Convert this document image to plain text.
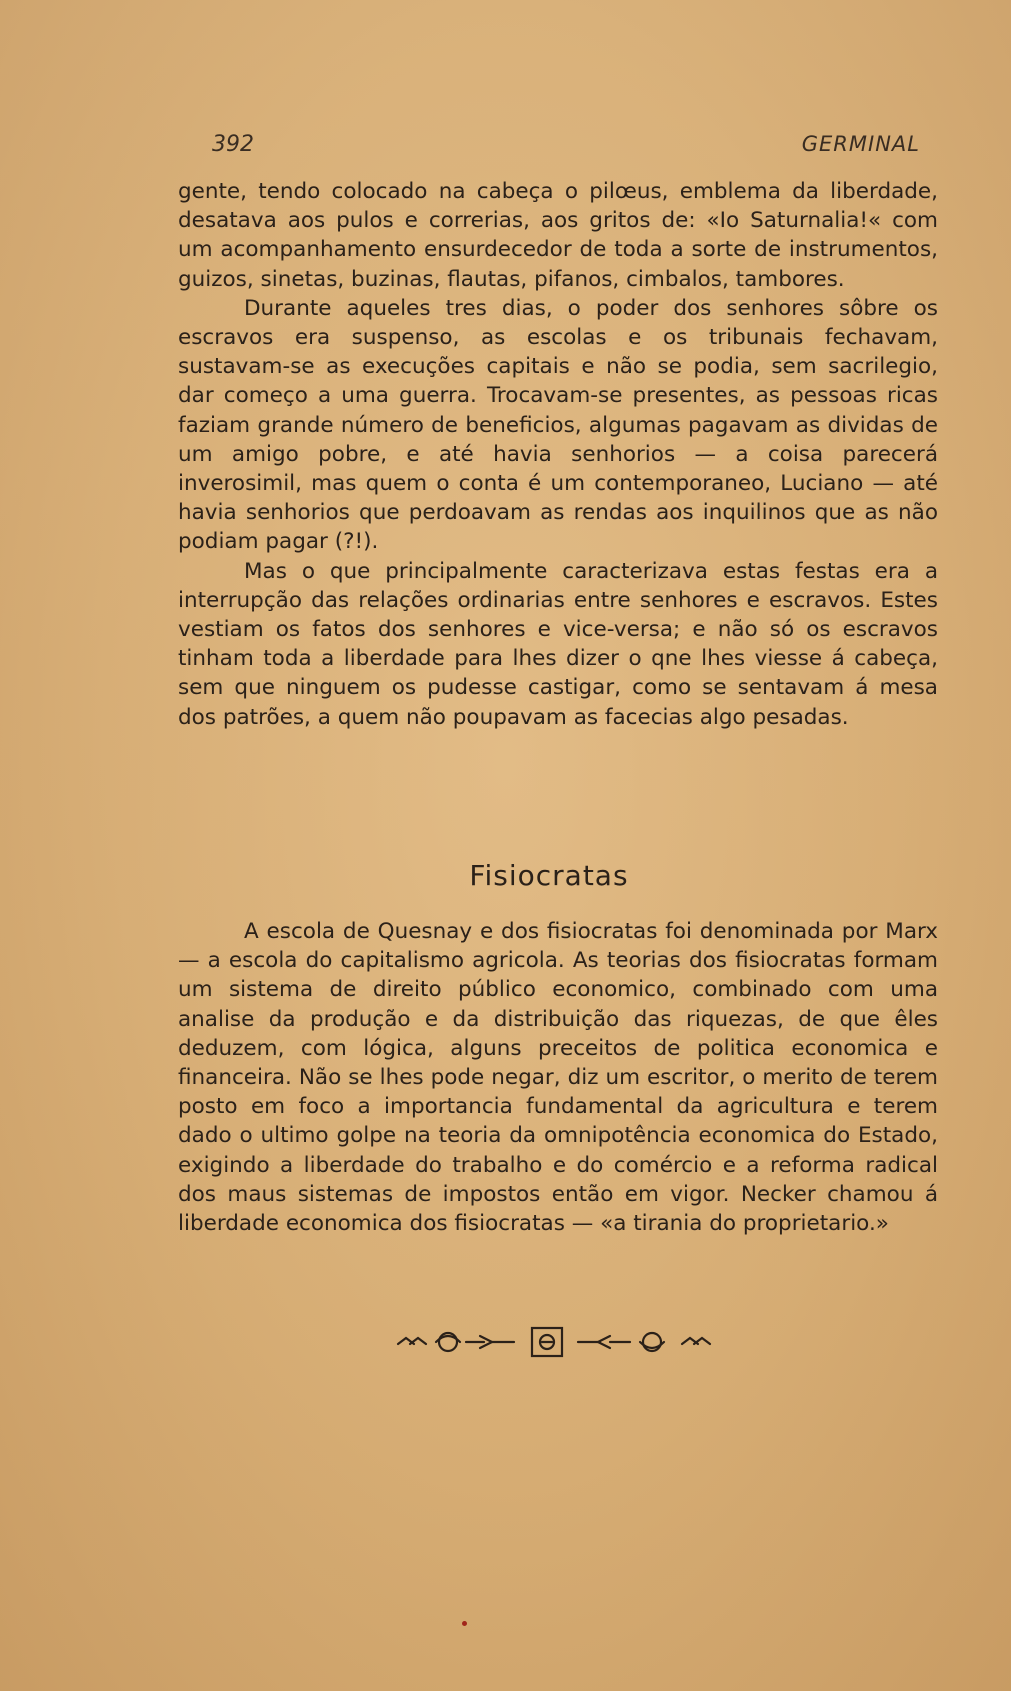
392	GERMINAL

gente, tendo colocado na cabeça o pilœus, emblema da liberdade, desatava aos pulos e correrias, aos gritos de: «Io Saturnalia!« com um acompanhamento ensurdecedor de toda a sorte de instrumentos, guizos, sinetas, buzinas, flautas, pifanos, cimbalos, tambores.

Durante aqueles tres dias, o poder dos senhores sôbre os escravos era suspenso, as escolas e os tribunais fechavam, sustavam-se as execuções capitais e não se podia, sem sacrilegio, dar começo a uma guerra. Trocavam-se presentes, as pessoas ricas faziam grande número de beneficios, algumas pagavam as dividas de um amigo pobre, e até havia senhorios — a coisa parecerá inverosimil, mas quem o conta é um contemporaneo, Luciano — até havia senhorios que perdoavam as rendas aos inquilinos que as não podiam pagar (?!).

Mas o que principalmente caracterizava estas festas era a interrupção das relações ordinarias entre senhores e escravos. Estes vestiam os fatos dos senhores e vice-versa; e não só os escravos tinham toda a liberdade para lhes dizer o qne lhes viesse á cabeça, sem que ninguem os pudesse castigar, como se sentavam á mesa dos patrões, a quem não poupavam as facecias algo pesadas.

Fisiocratas

A escola de Quesnay e dos fisiocratas foi denominada por Marx — a escola do capitalismo agricola. As teorias dos fisiocratas formam um sistema de direito público economico, combinado com uma analise da produção e da distribuição das riquezas, de que êles deduzem, com lógica, alguns preceitos de politica economica e financeira. Não se lhes pode negar, diz um escritor, o merito de terem posto em foco a importancia fundamental da agricultura e terem dado o ultimo golpe na teoria da omnipotência economica do Estado, exigindo a liberdade do trabalho e do comércio e a reforma radical dos maus sistemas de impostos então em vigor. Necker chamou á liberdade economica dos fisiocratas — «a tirania do proprietario.»
